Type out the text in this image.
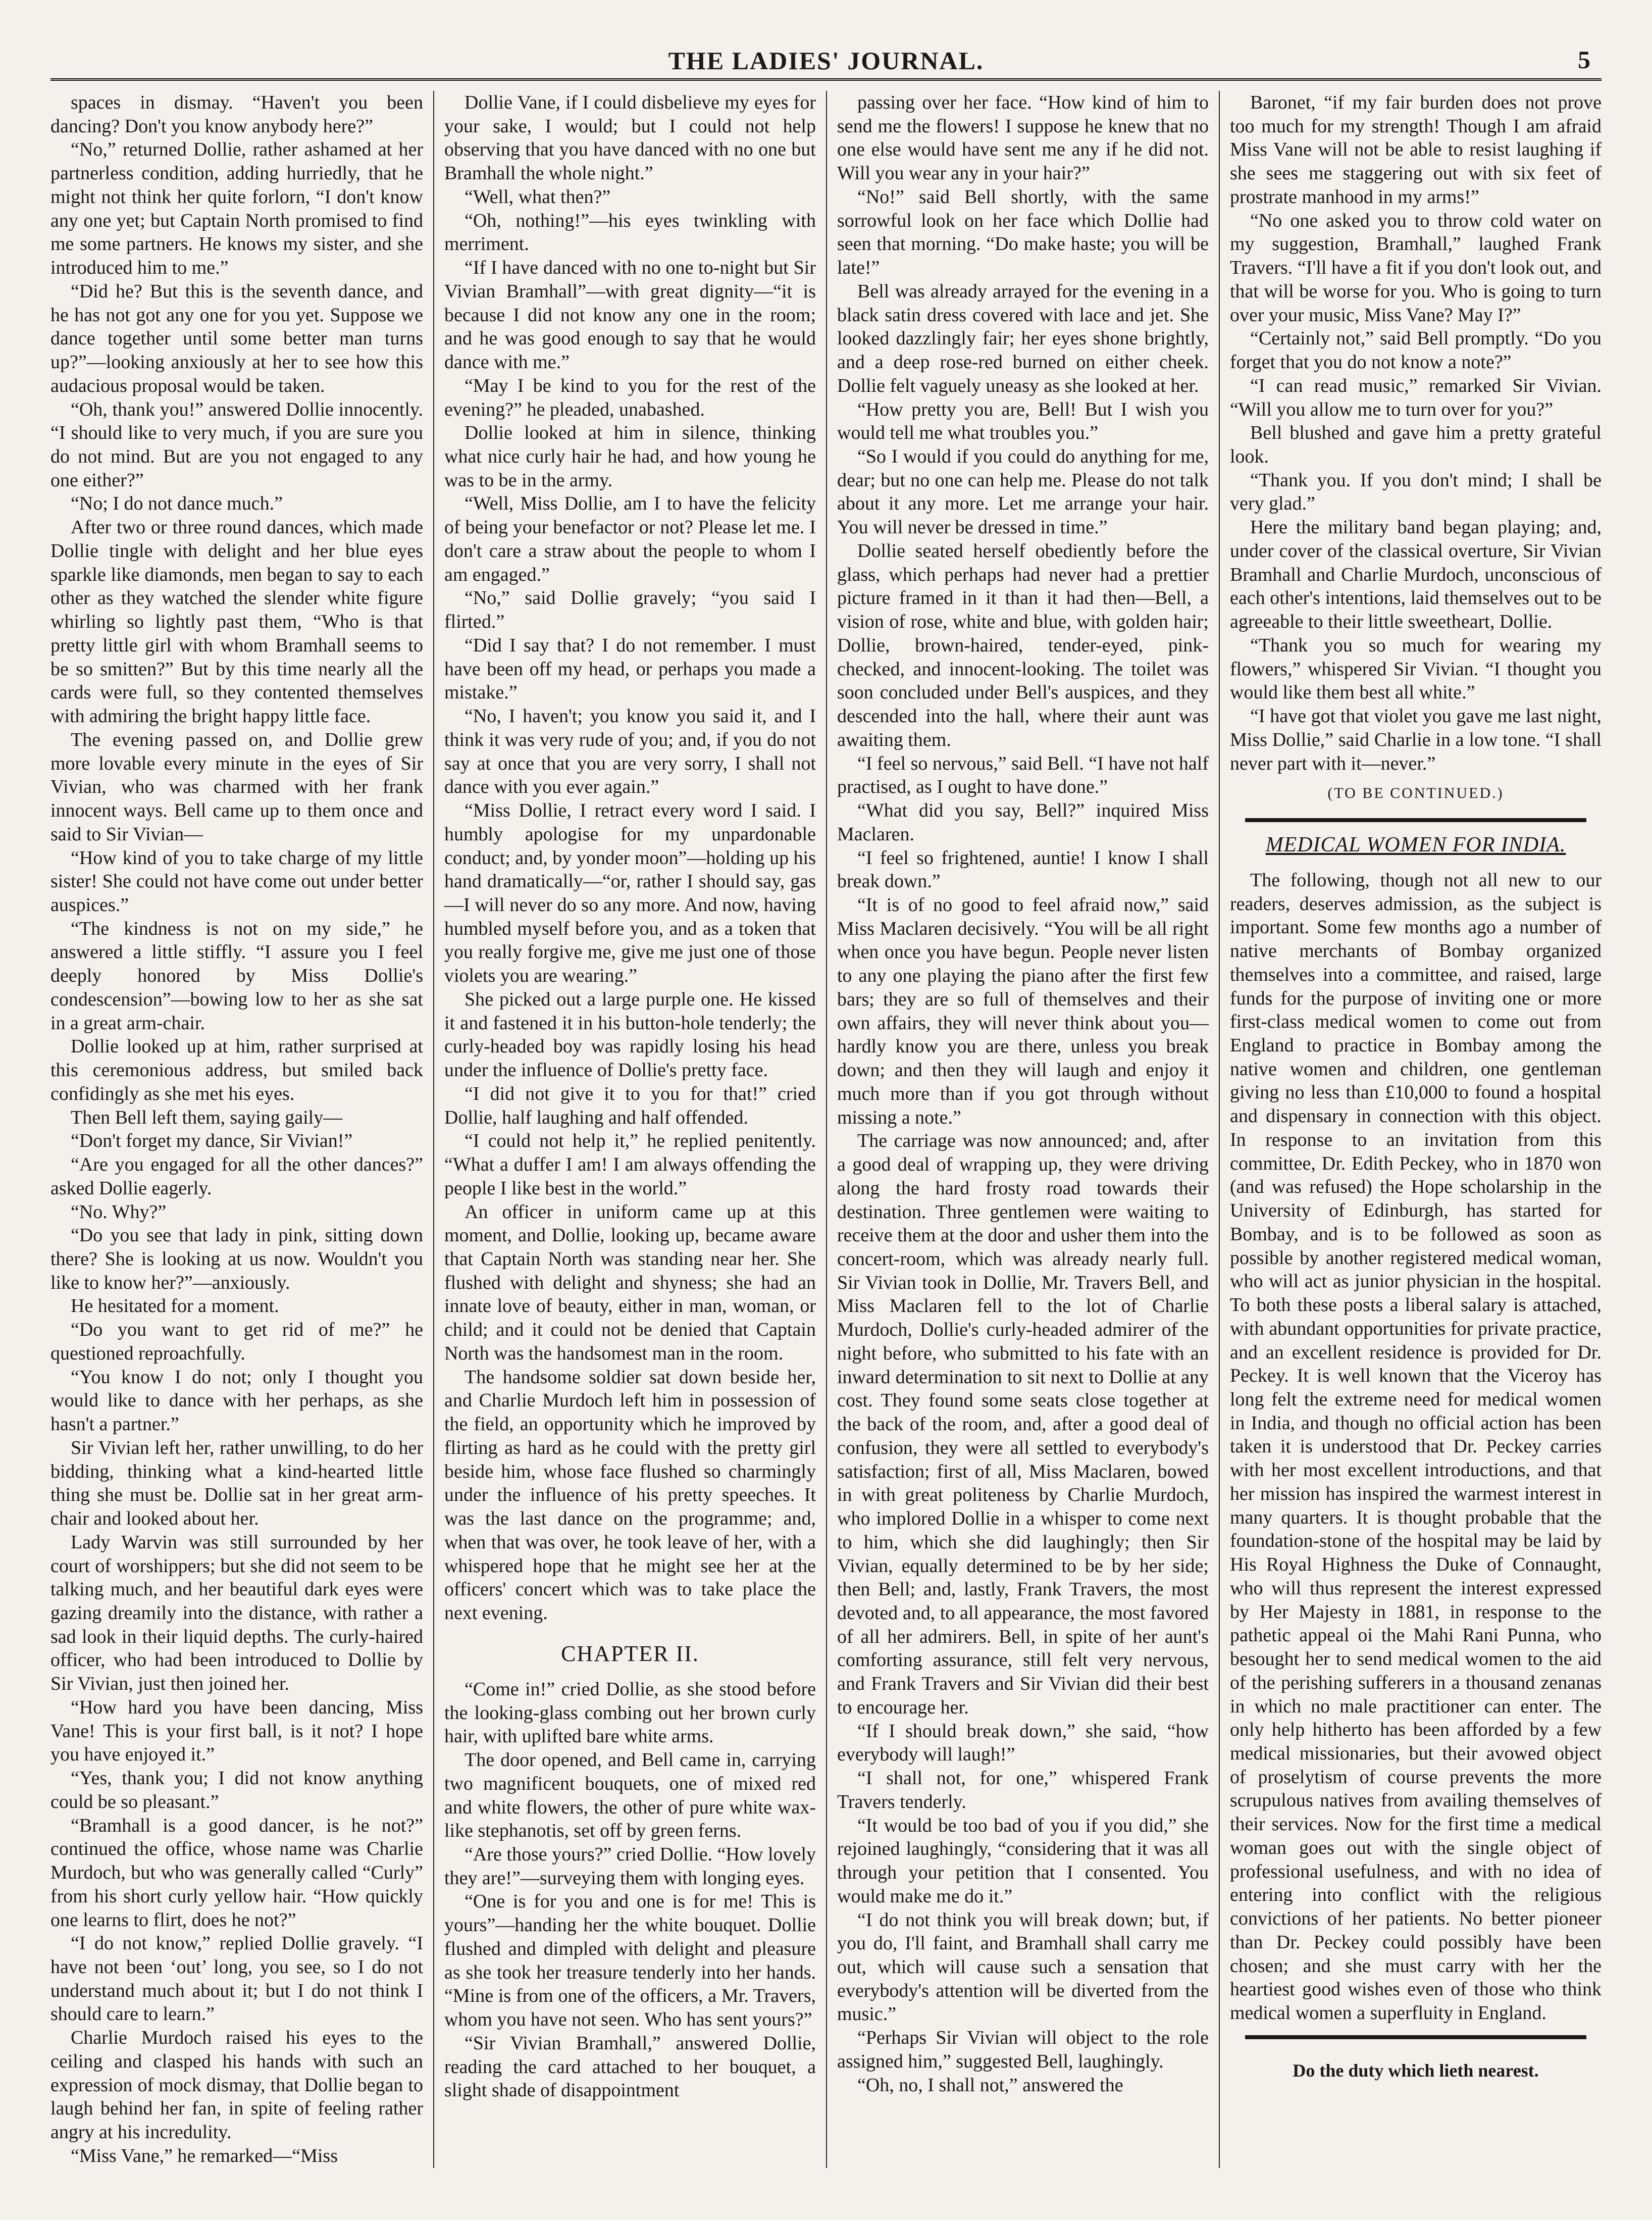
THE LADIES' JOURNAL.	5

spaces in dismay. “Haven't you been dancing? Don't you know anybody here?”

“No,” returned Dollie, rather ashamed at her partnerless condition, adding hurriedly, that he might not think her quite forlorn, “I don't know any one yet; but Captain North promised to find me some partners. He knows my sister, and she introduced him to me.”

“Did he? But this is the seventh dance, and he has not got any one for you yet. Suppose we dance together until some better man turns up?”—looking anxiously at her to see how this audacious proposal would be taken.

“Oh, thank you!” answered Dollie innocently. “I should like to very much, if you are sure you do not mind. But are you not engaged to any one either?”

“No; I do not dance much.”

After two or three round dances, which made Dollie tingle with delight and her blue eyes sparkle like diamonds, men began to say to each other as they watched the slender white figure whirling so lightly past them, “Who is that pretty little girl with whom Bramhall seems to be so smitten?” But by this time nearly all the cards were full, so they contented themselves with admiring the bright happy little face.

The evening passed on, and Dollie grew more lovable every minute in the eyes of Sir Vivian, who was charmed with her frank innocent ways. Bell came up to them once and said to Sir Vivian—

“How kind of you to take charge of my little sister! She could not have come out under better auspices.”

“The kindness is not on my side,” he answered a little stiffly. “I assure you I feel deeply honored by Miss Dollie's condescension”—bowing low to her as she sat in a great arm-chair.

Dollie looked up at him, rather surprised at this ceremonious address, but smiled back confidingly as she met his eyes.

Then Bell left them, saying gaily—

“Don't forget my dance, Sir Vivian!”

“Are you engaged for all the other dances?” asked Dollie eagerly.

“No. Why?”

“Do you see that lady in pink, sitting down there? She is looking at us now. Wouldn't you like to know her?”—anxiously.

He hesitated for a moment.

“Do you want to get rid of me?” he questioned reproachfully.

“You know I do not; only I thought you would like to dance with her perhaps, as she hasn't a partner.”

Sir Vivian left her, rather unwilling, to do her bidding, thinking what a kind-hearted little thing she must be. Dollie sat in her great arm-chair and looked about her.

Lady Warvin was still surrounded by her court of worshippers; but she did not seem to be talking much, and her beautiful dark eyes were gazing dreamily into the distance, with rather a sad look in their liquid depths. The curly-haired officer, who had been introduced to Dollie by Sir Vivian, just then joined her.

“How hard you have been dancing, Miss Vane! This is your first ball, is it not? I hope you have enjoyed it.”

“Yes, thank you; I did not know anything could be so pleasant.”

“Bramhall is a good dancer, is he not?” continued the office, whose name was Charlie Murdoch, but who was generally called “Curly” from his short curly yellow hair. “How quickly one learns to flirt, does he not?”

“I do not know,” replied Dollie gravely. “I have not been ‘out’ long, you see, so I do not understand much about it; but I do not think I should care to learn.”

Charlie Murdoch raised his eyes to the ceiling and clasped his hands with such an expression of mock dismay, that Dollie began to laugh behind her fan, in spite of feeling rather angry at his incredulity.

“Miss Vane,” he remarked—“Miss

Dollie Vane, if I could disbelieve my eyes for your sake, I would; but I could not help observing that you have danced with no one but Bramhall the whole night.”

“Well, what then?”

“Oh, nothing!”—his eyes twinkling with merriment.

“If I have danced with no one to-night but Sir Vivian Bramhall”—with great dignity—“it is because I did not know any one in the room; and he was good enough to say that he would dance with me.”

“May I be kind to you for the rest of the evening?” he pleaded, unabashed.

Dollie looked at him in silence, thinking what nice curly hair he had, and how young he was to be in the army.

“Well, Miss Dollie, am I to have the felicity of being your benefactor or not? Please let me. I don't care a straw about the people to whom I am engaged.”

“No,” said Dollie gravely; “you said I flirted.”

“Did I say that? I do not remember. I must have been off my head, or perhaps you made a mistake.”

“No, I haven't; you know you said it, and I think it was very rude of you; and, if you do not say at once that you are very sorry, I shall not dance with you ever again.”

“Miss Dollie, I retract every word I said. I humbly apologise for my unpardonable conduct; and, by yonder moon”—holding up his hand dramatically—“or, rather I should say, gas—I will never do so any more. And now, having humbled myself before you, and as a token that you really forgive me, give me just one of those violets you are wearing.”

She picked out a large purple one. He kissed it and fastened it in his button-hole tenderly; the curly-headed boy was rapidly losing his head under the influence of Dollie's pretty face.

“I did not give it to you for that!” cried Dollie, half laughing and half offended.

“I could not help it,” he replied penitently. “What a duffer I am! I am always offending the people I like best in the world.”

An officer in uniform came up at this moment, and Dollie, looking up, became aware that Captain North was standing near her. She flushed with delight and shyness; she had an innate love of beauty, either in man, woman, or child; and it could not be denied that Captain North was the handsomest man in the room.

The handsome soldier sat down beside her, and Charlie Murdoch left him in possession of the field, an opportunity which he improved by flirting as hard as he could with the pretty girl beside him, whose face flushed so charmingly under the influence of his pretty speeches. It was the last dance on the programme; and, when that was over, he took leave of her, with a whispered hope that he might see her at the officers' concert which was to take place the next evening.

CHAPTER II.

“Come in!” cried Dollie, as she stood before the looking-glass combing out her brown curly hair, with uplifted bare white arms.

The door opened, and Bell came in, carrying two magnificent bouquets, one of mixed red and white flowers, the other of pure white wax-like stephanotis, set off by green ferns.

“Are those yours?” cried Dollie. “How lovely they are!”—surveying them with longing eyes.

“One is for you and one is for me! This is yours”—handing her the white bouquet. Dollie flushed and dimpled with delight and pleasure as she took her treasure tenderly into her hands. “Mine is from one of the officers, a Mr. Travers, whom you have not seen. Who has sent yours?”

“Sir Vivian Bramhall,” answered Dollie, reading the card attached to her bouquet, a slight shade of disappointment

passing over her face. “How kind of him to send me the flowers! I suppose he knew that no one else would have sent me any if he did not. Will you wear any in your hair?”

“No!” said Bell shortly, with the same sorrowful look on her face which Dollie had seen that morning. “Do make haste; you will be late!”

Bell was already arrayed for the evening in a black satin dress covered with lace and jet. She looked dazzlingly fair; her eyes shone brightly, and a deep rose-red burned on either cheek. Dollie felt vaguely uneasy as she looked at her.

“How pretty you are, Bell! But I wish you would tell me what troubles you.”

“So I would if you could do anything for me, dear; but no one can help me. Please do not talk about it any more. Let me arrange your hair. You will never be dressed in time.”

Dollie seated herself obediently before the glass, which perhaps had never had a prettier picture framed in it than it had then—Bell, a vision of rose, white and blue, with golden hair; Dollie, brown-haired, tender-eyed, pink-checked, and innocent-looking. The toilet was soon concluded under Bell's auspices, and they descended into the hall, where their aunt was awaiting them.

“I feel so nervous,” said Bell. “I have not half practised, as I ought to have done.”

“What did you say, Bell?” inquired Miss Maclaren.

“I feel so frightened, auntie! I know I shall break down.”

“It is of no good to feel afraid now,” said Miss Maclaren decisively. “You will be all right when once you have begun. People never listen to any one playing the piano after the first few bars; they are so full of themselves and their own affairs, they will never think about you—hardly know you are there, unless you break down; and then they will laugh and enjoy it much more than if you got through without missing a note.”

The carriage was now announced; and, after a good deal of wrapping up, they were driving along the hard frosty road towards their destination. Three gentlemen were waiting to receive them at the door and usher them into the concert-room, which was already nearly full. Sir Vivian took in Dollie, Mr. Travers Bell, and Miss Maclaren fell to the lot of Charlie Murdoch, Dollie's curly-headed admirer of the night before, who submitted to his fate with an inward determination to sit next to Dollie at any cost. They found some seats close together at the back of the room, and, after a good deal of confusion, they were all settled to everybody's satisfaction; first of all, Miss Maclaren, bowed in with great politeness by Charlie Murdoch, who implored Dollie in a whisper to come next to him, which she did laughingly; then Sir Vivian, equally determined to be by her side; then Bell; and, lastly, Frank Travers, the most devoted and, to all appearance, the most favored of all her admirers. Bell, in spite of her aunt's comforting assurance, still felt very nervous, and Frank Travers and Sir Vivian did their best to encourage her.

“If I should break down,” she said, “how everybody will laugh!”

“I shall not, for one,” whispered Frank Travers tenderly.

“It would be too bad of you if you did,” she rejoined laughingly, “considering that it was all through your petition that I consented. You would make me do it.”

“I do not think you will break down; but, if you do, I'll faint, and Bramhall shall carry me out, which will cause such a sensation that everybody's attention will be diverted from the music.”

“Perhaps Sir Vivian will object to the role assigned him,” suggested Bell, laughingly.

“Oh, no, I shall not,” answered the

Baronet, “if my fair burden does not prove too much for my strength! Though I am afraid Miss Vane will not be able to resist laughing if she sees me staggering out with six feet of prostrate manhood in my arms!”

“No one asked you to throw cold water on my suggestion, Bramhall,” laughed Frank Travers. “I'll have a fit if you don't look out, and that will be worse for you. Who is going to turn over your music, Miss Vane? May I?”

“Certainly not,” said Bell promptly. “Do you forget that you do not know a note?”

“I can read music,” remarked Sir Vivian. “Will you allow me to turn over for you?”

Bell blushed and gave him a pretty grateful look.

“Thank you. If you don't mind; I shall be very glad.”

Here the military band began playing; and, under cover of the classical overture, Sir Vivian Bramhall and Charlie Murdoch, unconscious of each other's intentions, laid themselves out to be agreeable to their little sweetheart, Dollie.

“Thank you so much for wearing my flowers,” whispered Sir Vivian. “I thought you would like them best all white.”

“I have got that violet you gave me last night, Miss Dollie,” said Charlie in a low tone. “I shall never part with it—never.”

(TO BE CONTINUED.)
MEDICAL WOMEN FOR INDIA.

The following, though not all new to our readers, deserves admission, as the subject is important. Some few months ago a number of native merchants of Bombay organized themselves into a committee, and raised, large funds for the purpose of inviting one or more first-class medical women to come out from England to practice in Bombay among the native women and children, one gentleman giving no less than £10,000 to found a hospital and dispensary in connection with this object. In response to an invitation from this committee, Dr. Edith Peckey, who in 1870 won (and was refused) the Hope scholarship in the University of Edinburgh, has started for Bombay, and is to be followed as soon as possible by another registered medical woman, who will act as junior physician in the hospital. To both these posts a liberal salary is attached, with abundant opportunities for private practice, and an excellent residence is provided for Dr. Peckey. It is well known that the Viceroy has long felt the extreme need for medical women in India, and though no official action has been taken it is understood that Dr. Peckey carries with her most excellent introductions, and that her mission has inspired the warmest interest in many quarters. It is thought probable that the foundation-stone of the hospital may be laid by His Royal Highness the Duke of Connaught, who will thus represent the interest expressed by Her Majesty in 1881, in response to the pathetic appeal oi the Mahi Rani Punna, who besought her to send medical women to the aid of the perishing sufferers in a thousand zenanas in which no male practitioner can enter. The only help hitherto has been afforded by a few medical missionaries, but their avowed object of proselytism of course prevents the more scrupulous natives from availing themselves of their services. Now for the first time a medical woman goes out with the single object of professional usefulness, and with no idea of entering into conflict with the religious convictions of her patients. No better pioneer than Dr. Peckey could possibly have been chosen; and she must carry with her the heartiest good wishes even of those who think medical women a superfluity in England.

Do the duty which lieth nearest.
